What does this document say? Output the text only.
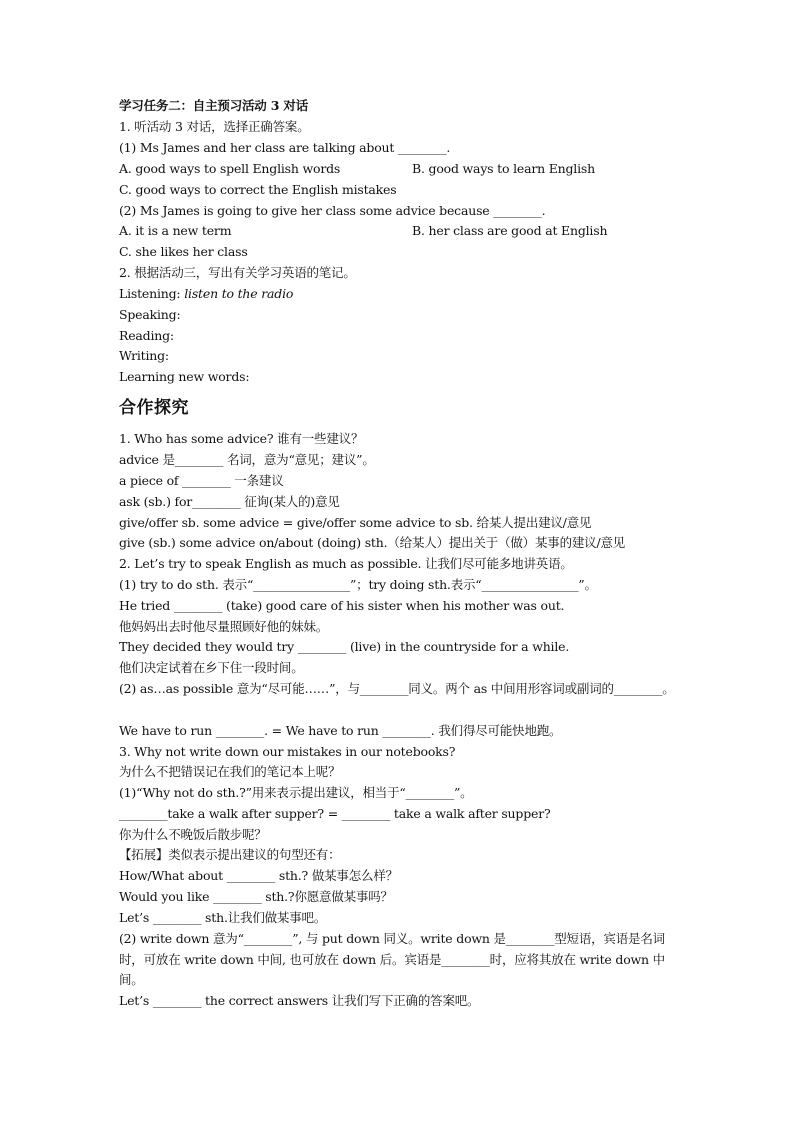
学习任务二：自主预习活动 3 对话
1. 听活动 3 对话，选择正确答案。
(1) Ms James and her class are talking about ________.
A. good ways to spell English words	B. good ways to learn English
C. good ways to correct the English mistakes
(2) Ms James is going to give her class some advice because ________.
A. it is a new term	B. her class are good at English
C. she likes her class
2. 根据活动三，写出有关学习英语的笔记。
Listening: listen to the radio
Speaking:
Reading:
Writing:
Learning new words:
合作探究
1. Who has some advice? 谁有一些建议？
advice 是________ 名词，意为“意见；建议”。
a piece of ________ 一条建议
ask (sb.) for________ 征询(某人的)意见
give/offer sb. some advice = give/offer some advice to sb. 给某人提出建议/意见
give (sb.) some advice on/about (doing) sth.（给某人）提出关于（做）某事的建议/意见
2. Let’s try to speak English as much as possible. 让我们尽可能多地讲英语。
(1) try to do sth. 表示“________________”；try doing sth.表示“________________”。
He tried ________ (take) good care of his sister when his mother was out.
他妈妈出去时他尽量照顾好他的妹妹。
They decided they would try ________ (live) in the countryside for a while.
他们决定试着在乡下住一段时间。
(2) as…as possible 意为“尽可能……”，与________同义。两个 as 中间用形容词或副词的________。
We have to run ________. = We have to run ________. 我们得尽可能快地跑。
3. Why not write down our mistakes in our notebooks?
为什么不把错误记在我们的笔记本上呢？
(1)“Why not do sth.?”用来表示提出建议，相当于“________”。
________take a walk after supper? = ________ take a walk after supper?
你为什么不晚饭后散步呢？
【拓展】类似表示提出建议的句型还有：
How/What about ________ sth.? 做某事怎么样？
Would you like ________ sth.?你愿意做某事吗？
Let’s ________ sth.让我们做某事吧。
(2) write down 意为“________”, 与 put down 同义。write down 是________型短语，宾语是名词时，可放在 write down 中间, 也可放在 down 后。宾语是________时，应将其放在 write down 中间。
Let’s ________ the correct answers 让我们写下正确的答案吧。
